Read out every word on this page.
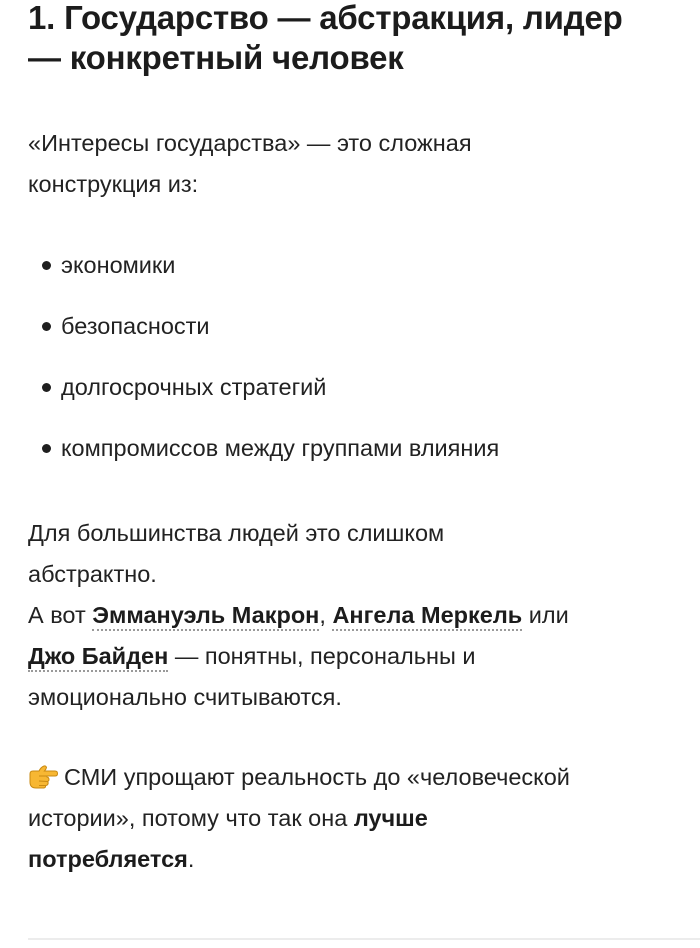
1. Государство — абстракция, лидер
— конкретный человек

«Интересы государства» — это сложная
конструкция из:

экономики
безопасности
долгосрочных стратегий
компромиссов между группами влияния

Для большинства людей это слишком
абстрактно.
А вот Эммануэль Макрон, Ангела Меркель или
Джо Байден — понятны, персональны и
эмоционально считываются.

СМИ упрощают реальность до «человеческой
истории», потому что так она лучше
потребляется.
